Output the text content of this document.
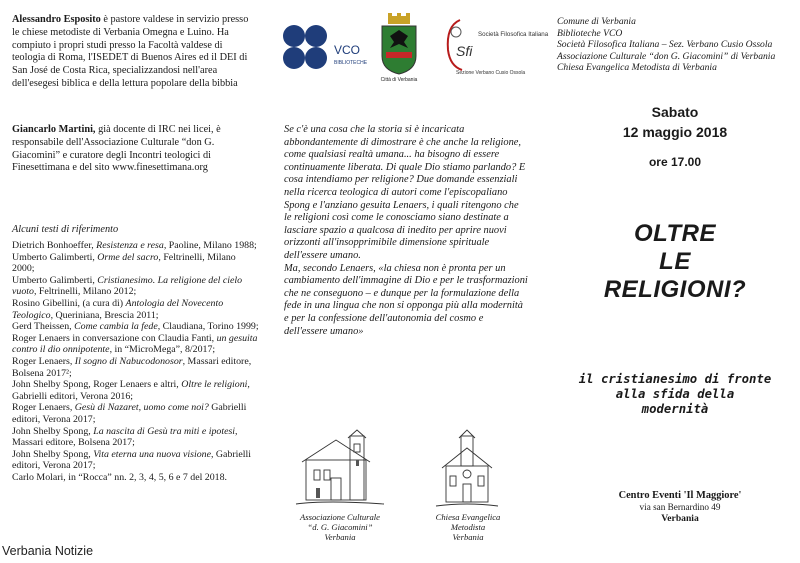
Alessandro Esposito è pastore valdese in servizio presso le chiese metodiste di Verbania Omegna e Luino. Ha compiuto i propri studi presso la Facoltà valdese di teologia di Roma, l'ISEDET di Buenos Aires ed il DEI di San José de Costa Rica, specializzandosi nell'area dell'esegesi biblica e della lettura popolare della bibbia

Giancarlo Martini, già docente di IRC nei licei, è responsabile dell'Associazione Culturale “don G. Giacomini” e curatore degli Incontri teologici di Finesettimana e del sito www.finesettimana.org

Alcuni testi di riferimento
Dietrich Bonhoeffer, Resistenza e resa, Paoline, Milano 1988;
Umberto Galimberti, Orme del sacro, Feltrinelli, Milano 2000;
Umberto Galimberti, Cristianesimo. La religione del cielo vuoto, Feltrinelli, Milano 2012;
Rosino Gibellini, (a cura di) Antologia del Novecento Teologico, Queriniana, Brescia 2011;
Gerd Theissen, Come cambia la fede, Claudiana, Torino 1999;
Roger Lenaers in conversazione con Claudia Fanti, un gesuita contro il dio onnipotente, in “MicroMega”, 8/2017;
Roger Lenaers, Il sogno di Nabucodonosor, Massari editore, Bolsena 2017²;
John Shelby Spong, Roger Lenaers e altri, Oltre le religioni, Gabrielli editori, Verona 2016;
Roger Lenaers, Gesù di Nazaret, uomo come noi? Gabrielli editori, Verona 2017;
John Shelby Spong, La nascita di Gesù tra miti e ipotesi, Massari editore, Bolsena 2017;
John Shelby Spong, Vita eterna una nuova visione, Gabrielli editori, Verona 2017;
Carlo Molari, in “Rocca” nn. 2, 3, 4, 5, 6 e 7 del 2018.
VCO
BIBLIOTECHE
Città di Verbania
Sfi
Società Filosofica Italiana
Sezione Verbano Cusio Ossola

Se c'è una cosa che la storia si è incaricata abbondantemente di dimostrare è che anche la religione, come qualsiasi realtà umana... ha bisogno di essere continuamente liberata. Di quale Dio stiamo parlando? E cosa intendiamo per religione? Due domande essenziali nella ricerca teologica di autori come l'episcopaliano Spong e l'anziano gesuita Lenaers, i quali ritengono che le religioni così come le conosciamo siano destinate a lasciare spazio a qualcosa di inedito per aprire nuovi orizzonti all'insopprimibile dimensione spirituale dell'essere umano.

Ma, secondo Lenaers, «la chiesa non è pronta per un cambiamento dell'immagine di Dio e per le trasformazioni che ne conseguono – e dunque per la formulazione della fede in una lingua che non si opponga più alla modernità e per la confessione dell'autonomia del cosmo e dell'essere umano»

Associazione Culturale
“d. G. Giacomini”
Verbania
Chiesa Evangelica
Metodista
Verbania
Comune di Verbania
Biblioteche VCO
Società Filosofica Italiana – Sez. Verbano Cusio Ossola
Associazione Culturale “don G. Giacomini” di Verbania
Chiesa Evangelica Metodista di Verbania
Sabato
12 maggio 2018
ore 17.00
OLTRE
LE
RELIGIONI?
il cristianesimo di fronte
alla sfida della
modernità
Centro Eventi 'Il Maggiore'
via san Bernardino 49
Verbania
Verbania Notizie
